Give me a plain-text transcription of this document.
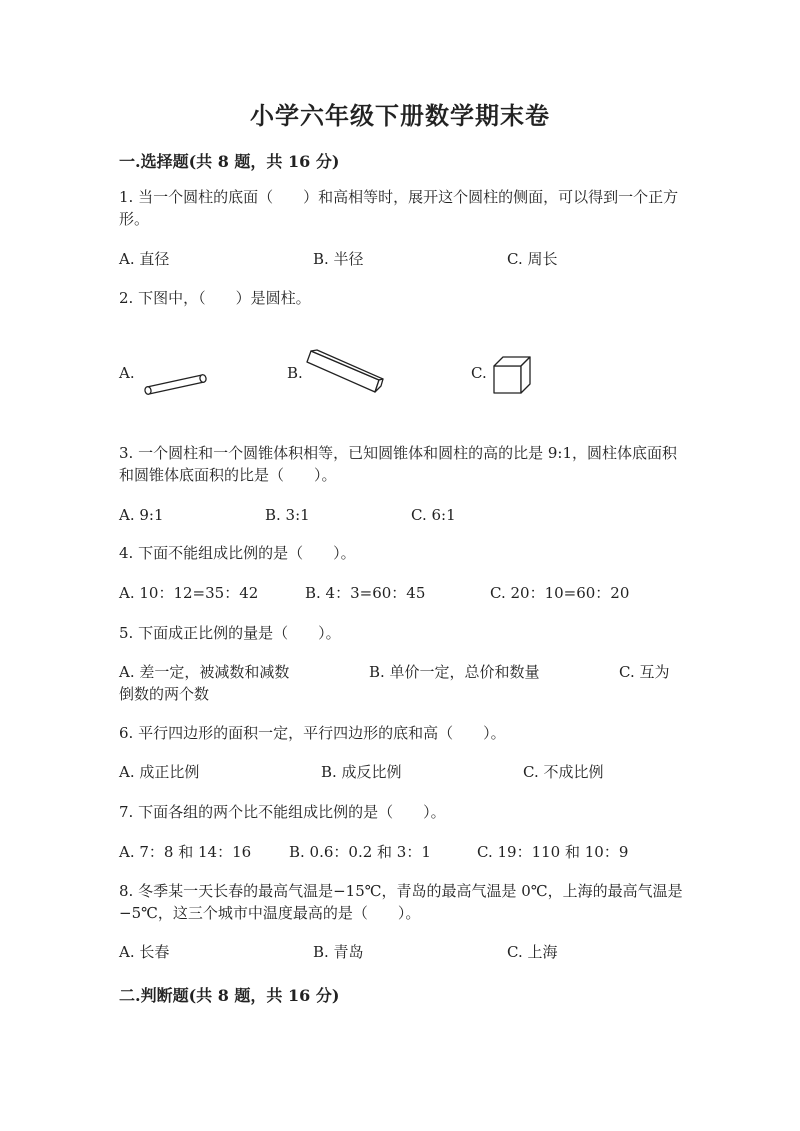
小学六年级下册数学期末卷
一.选择题(共 8 题，共 16 分)
1. 当一个圆柱的底面（　　）和高相等时，展开这个圆柱的侧面，可以得到一个正方形。
A. 直径	B. 半径	C. 周长
2. 下图中，（　　）是圆柱。
A.	B.	C.
3. 一个圆柱和一个圆锥体积相等，已知圆锥体和圆柱的高的比是 9:1，圆柱体底面积和圆锥体底面积的比是（　　）。
A. 9:1	B. 3:1	C. 6:1
4. 下面不能组成比例的是（　　）。
A. 10：12=35：42	B. 4：3=60：45	C. 20：10=60：20
5. 下面成正比例的量是（　　）。
A. 差一定，被减数和减数	B. 单价一定，总价和数量	C. 互为
倒数的两个数
6. 平行四边形的面积一定，平行四边形的底和高（　　）。
A. 成正比例	B. 成反比例	C. 不成比例
7. 下面各组的两个比不能组成比例的是（　　）。
A. 7：8 和 14：16	B. 0.6：0.2 和 3：1	C. 19：110 和 10：9
8. 冬季某一天长春的最高气温是−15℃，青岛的最高气温是 0℃，上海的最高气温是−5℃，这三个城市中温度最高的是（　　）。
A. 长春	B. 青岛	C. 上海
二.判断题(共 8 题，共 16 分)
